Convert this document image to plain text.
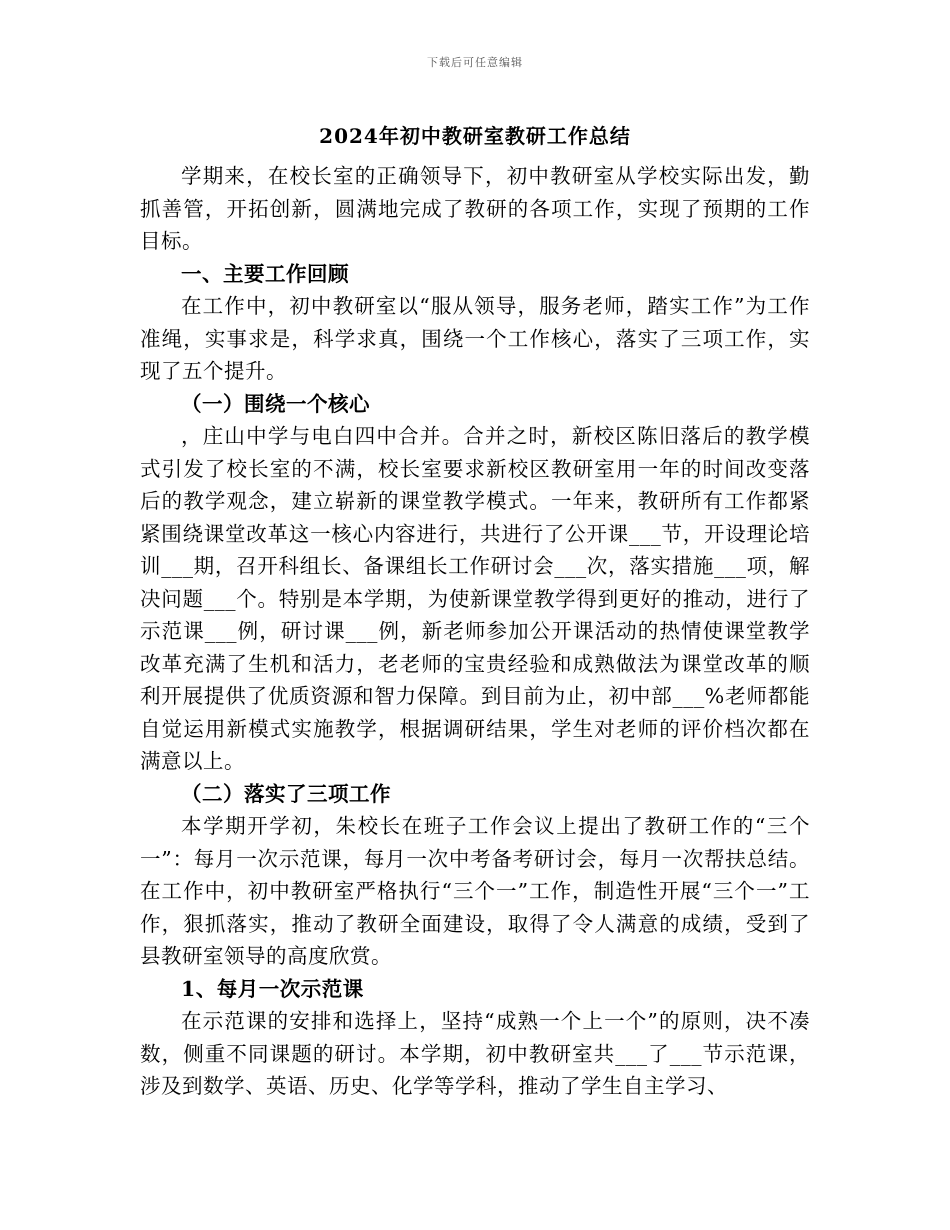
下载后可任意编辑
2024年初中教研室教研工作总结

学期来，在校长室的正确领导下，初中教研室从学校实际出发，勤抓善管，开拓创新，圆满地完成了教研的各项工作，实现了预期的工作目标。

一、主要工作回顾

在工作中，初中教研室以“服从领导，服务老师，踏实工作”为工作准绳，实事求是，科学求真，围绕一个工作核心，落实了三项工作，实现了五个提升。

（一）围绕一个核心

，庄山中学与电白四中合并。合并之时，新校区陈旧落后的教学模式引发了校长室的不满，校长室要求新校区教研室用一年的时间改变落后的教学观念，建立崭新的课堂教学模式。一年来，教研所有工作都紧紧围绕课堂改革这一核心内容进行，共进行了公开课___节，开设理论培训___期，召开科组长、备课组长工作研讨会___次，落实措施___项，解决问题___个。特别是本学期，为使新课堂教学得到更好的推动，进行了示范课___例，研讨课___例，新老师参加公开课活动的热情使课堂教学改革充满了生机和活力，老老师的宝贵经验和成熟做法为课堂改革的顺利开展提供了优质资源和智力保障。到目前为止，初中部___%老师都能自觉运用新模式实施教学，根据调研结果，学生对老师的评价档次都在满意以上。

（二）落实了三项工作

本学期开学初，朱校长在班子工作会议上提出了教研工作的“三个一”：每月一次示范课，每月一次中考备考研讨会，每月一次帮扶总结。在工作中，初中教研室严格执行“三个一”工作，制造性开展“三个一”工作，狠抓落实，推动了教研全面建设，取得了令人满意的成绩，受到了县教研室领导的高度欣赏。

1、每月一次示范课

在示范课的安排和选择上，坚持“成熟一个上一个”的原则，决不凑数，侧重不同课题的研讨。本学期，初中教研室共___了___节示范课，涉及到数学、英语、历史、化学等学科，推动了学生自主学习、
